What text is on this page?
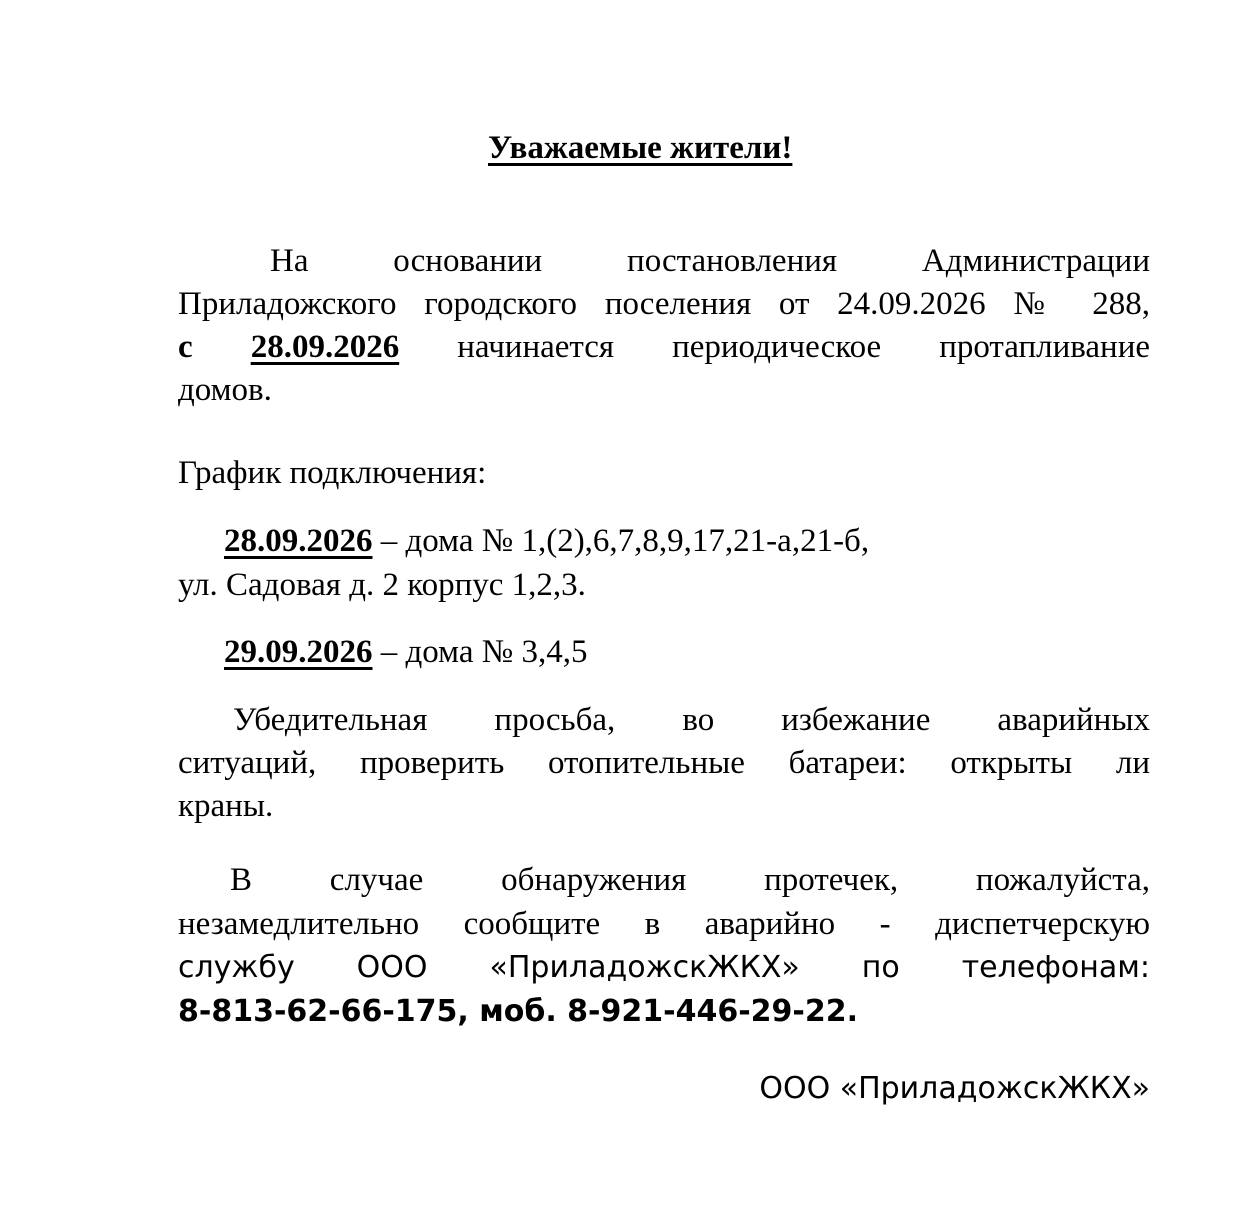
Уважаемые жители!
На основании постановления Администрации
Приладожского городского поселения от 24.09.2026 № 288,
с 28.09.2026 начинается периодическое протапливание
домов.
График подключения:
28.09.2026 – дома № 1,(2),6,7,8,9,17,21-а,21-б,
ул. Садовая д. 2 корпус 1,2,3.
29.09.2026 – дома № 3,4,5
Убедительная просьба, во избежание аварийных
ситуаций, проверить отопительные батареи: открыты ли
краны.
В случае обнаружения протечек, пожалуйста,
незамедлительно сообщите в аварийно - диспетчерскую
службу ООО «ПриладожскЖКХ» по телефонам:
8-813-62-66-175, моб. 8-921-446-29-22.
ООО «ПриладожскЖКХ»
